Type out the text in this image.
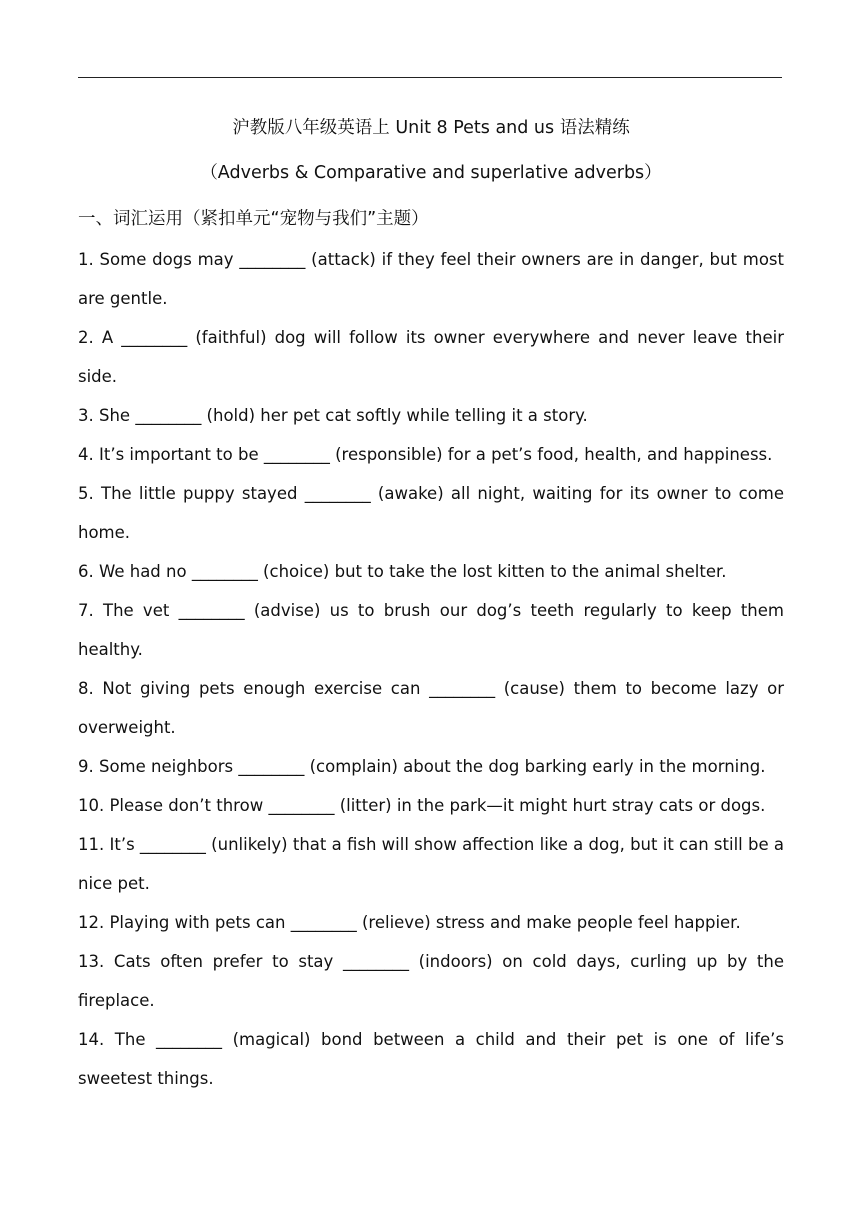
沪教版八年级英语上 Unit 8 Pets and us 语法精练
（Adverbs & Comparative and superlative adverbs）
一、词汇运用（紧扣单元“宠物与我们”主题）

1. Some dogs may ________ (attack) if they feel their owners are in danger, but most are gentle.

2. A ________ (faithful) dog will follow its owner everywhere and never leave their side.

3. She ________ (hold) her pet cat softly while telling it a story.

4. It’s important to be ________ (responsible) for a pet’s food, health, and happiness.

5. The little puppy stayed ________ (awake) all night, waiting for its owner to come home.

6. We had no ________ (choice) but to take the lost kitten to the animal shelter.

7. The vet ________ (advise) us to brush our dog’s teeth regularly to keep them healthy.

8. Not giving pets enough exercise can ________ (cause) them to become lazy or overweight.

9. Some neighbors ________ (complain) about the dog barking early in the morning.

10. Please don’t throw ________ (litter) in the park—it might hurt stray cats or dogs.

11. It’s ________ (unlikely) that a fish will show affection like a dog, but it can still be a nice pet.

12. Playing with pets can ________ (relieve) stress and make people feel happier.

13. Cats often prefer to stay ________ (indoors) on cold days, curling up by the fireplace.

14. The ________ (magical) bond between a child and their pet is one of life’s sweetest things.
